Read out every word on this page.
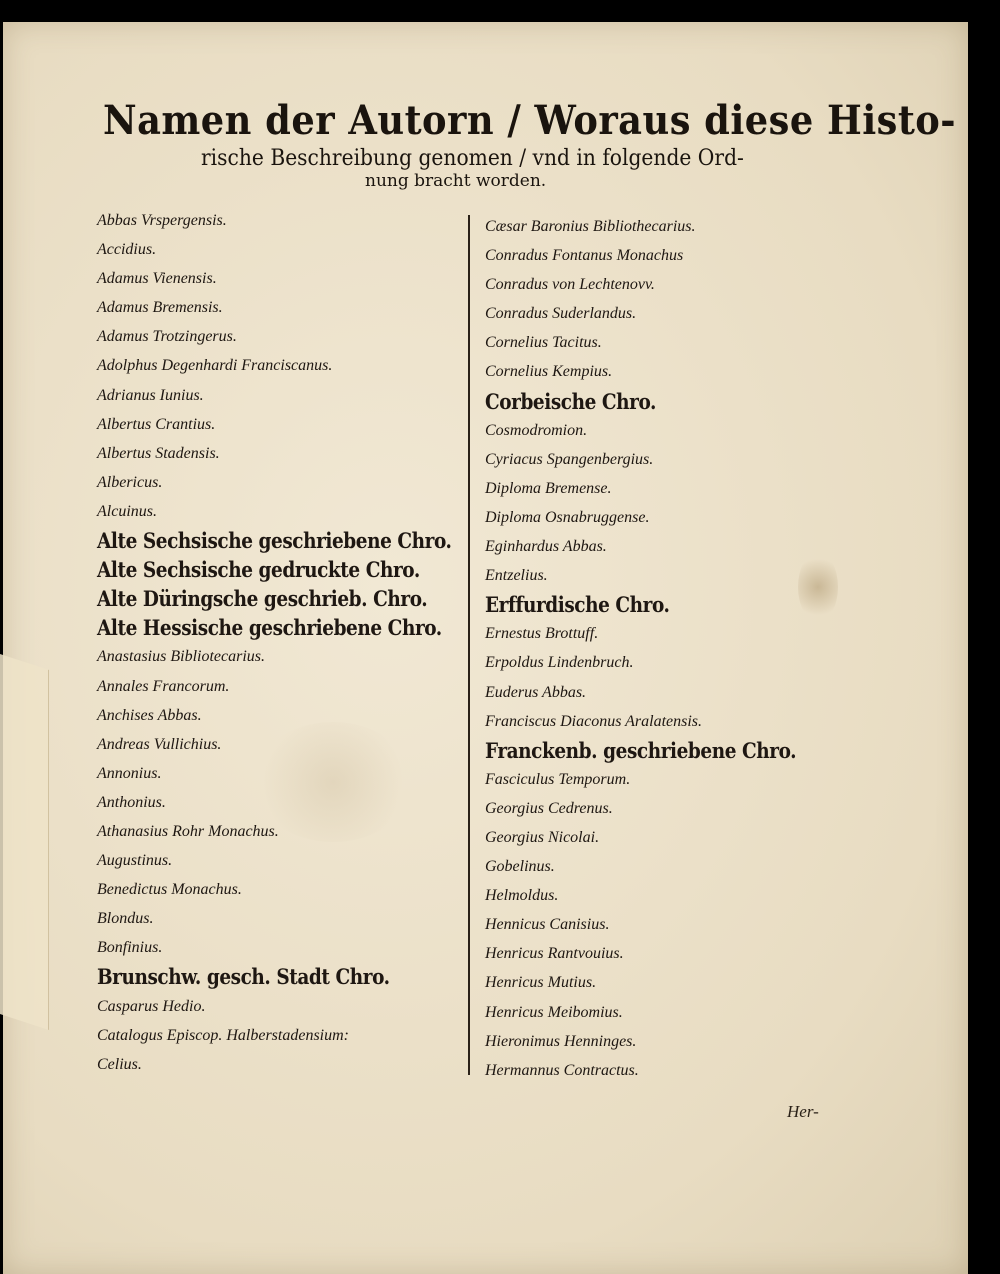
Namen der Autorn / Woraus diese Histo-
rische Beschreibung genomen / vnd in folgende Ord-
nung bracht worden.
Abbas Vrspergensis.
Accidius.
Adamus Vienensis.
Adamus Bremensis.
Adamus Trotzingerus.
Adolphus Degenhardi Franciscanus.
Adrianus Iunius.
Albertus Crantius.
Albertus Stadensis.
Albericus.
Alcuinus.
Alte Sechsische geschriebene Chro.
Alte Sechsische gedruckte Chro.
Alte Düringsche geschrieb. Chro.
Alte Hessische geschriebene Chro.
Anastasius Bibliotecarius.
Annales Francorum.
Anchises Abbas.
Andreas Vullichius.
Annonius.
Anthonius.
Athanasius Rohr Monachus.
Augustinus.
Benedictus Monachus.
Blondus.
Bonfinius.
Brunschw. gesch. Stadt Chro.
Casparus Hedio.
Catalogus Episcop. Halberstadensium:
Celius.
Cæsar Baronius Bibliothecarius.
Conradus Fontanus Monachus
Conradus von Lechtenovv.
Conradus Suderlandus.
Cornelius Tacitus.
Cornelius Kempius.
Corbeische Chro.
Cosmodromion.
Cyriacus Spangenbergius.
Diploma Bremense.
Diploma Osnabruggense.
Eginhardus Abbas.
Entzelius.
Erffurdische Chro.
Ernestus Brottuff.
Erpoldus Lindenbruch.
Euderus Abbas.
Franciscus Diaconus Aralatensis.
Franckenb. geschriebene Chro.
Fasciculus Temporum.
Georgius Cedrenus.
Georgius Nicolai.
Gobelinus.
Helmoldus.
Hennicus Canisius.
Henricus Rantvouius.
Henricus Mutius.
Henricus Meibomius.
Hieronimus Henninges.
Hermannus Contractus.
Her-
